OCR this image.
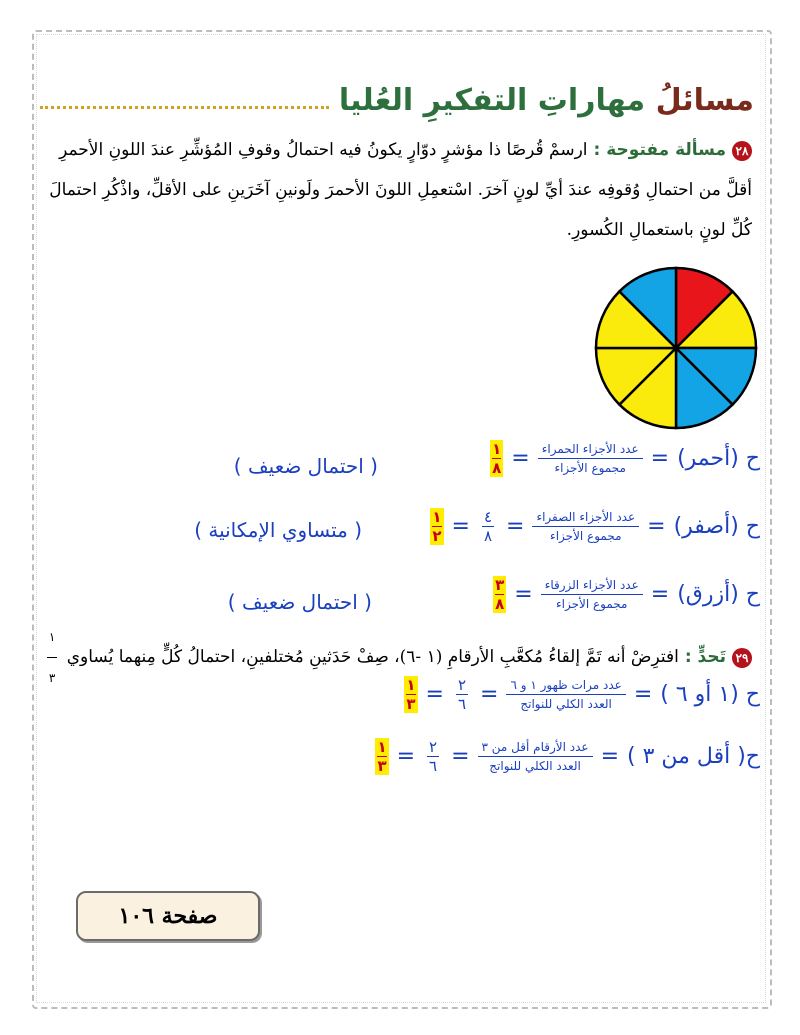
مسائلُ مهاراتِ التفكيرِ العُليا
٢٨مسألة مفتوحة :ارسمْ قُرصًا ذا مؤشرٍ دوّارٍ يكونُ فيه احتمالُ وقوفِ المُؤشِّرِ عندَ اللونِ الأحمرِ أقلَّ من احتمالِ وُقوفِه عندَ أيِّ لونٍ آخرَ. اسْتعمِلِ اللونَ الأحمرَ ولَونينِ آخَرَينِ على الأقلِّ، واذْكُرِ احتمالَ كُلِّ لونٍ باستعمالِ الكُسورِ.
ح (أحمر)
=
$\frac{\text{عدد الأجزاء الحمراء}}{\text{مجموع الأجزاء}}$
=
١
٨
( احتمال ضعيف )
ح (أصفر)
=
$\frac{\text{عدد الأجزاء الصفراء}}{\text{مجموع الأجزاء}}$
=
٤
٨
=
١
٢
( متساوي الإمكانية )
ح (أزرق)
=
$\frac{\text{عدد الأجزاء الزرقاء}}{\text{مجموع الأجزاء}}$
=
٣
٨
( احتمال ضعيف )
٢٩تَحدٍّ :افترِضْ أنه تَمَّ إلقاءُ مُكعَّبِ الأرقامِ (١ -٦)، صِفْ حَدَثينِ مُختلفينِ، احتمالُ كُلٍّ مِنهما يُساوي
١
٣
ح (١ أو ٦ )
=
$\frac{\text{عدد مرات ظهور ١ و ٦}}{\text{العدد الكلي للنواتج}}$
=
٢
٦
=
١
٣
ح( أقل من ٣ )
=
$\frac{\text{عدد الأرقام أقل من ٣}}{\text{العدد الكلي للنواتج}}$
=
٢
٦
=
١
٣
صفحة ١٠٦
